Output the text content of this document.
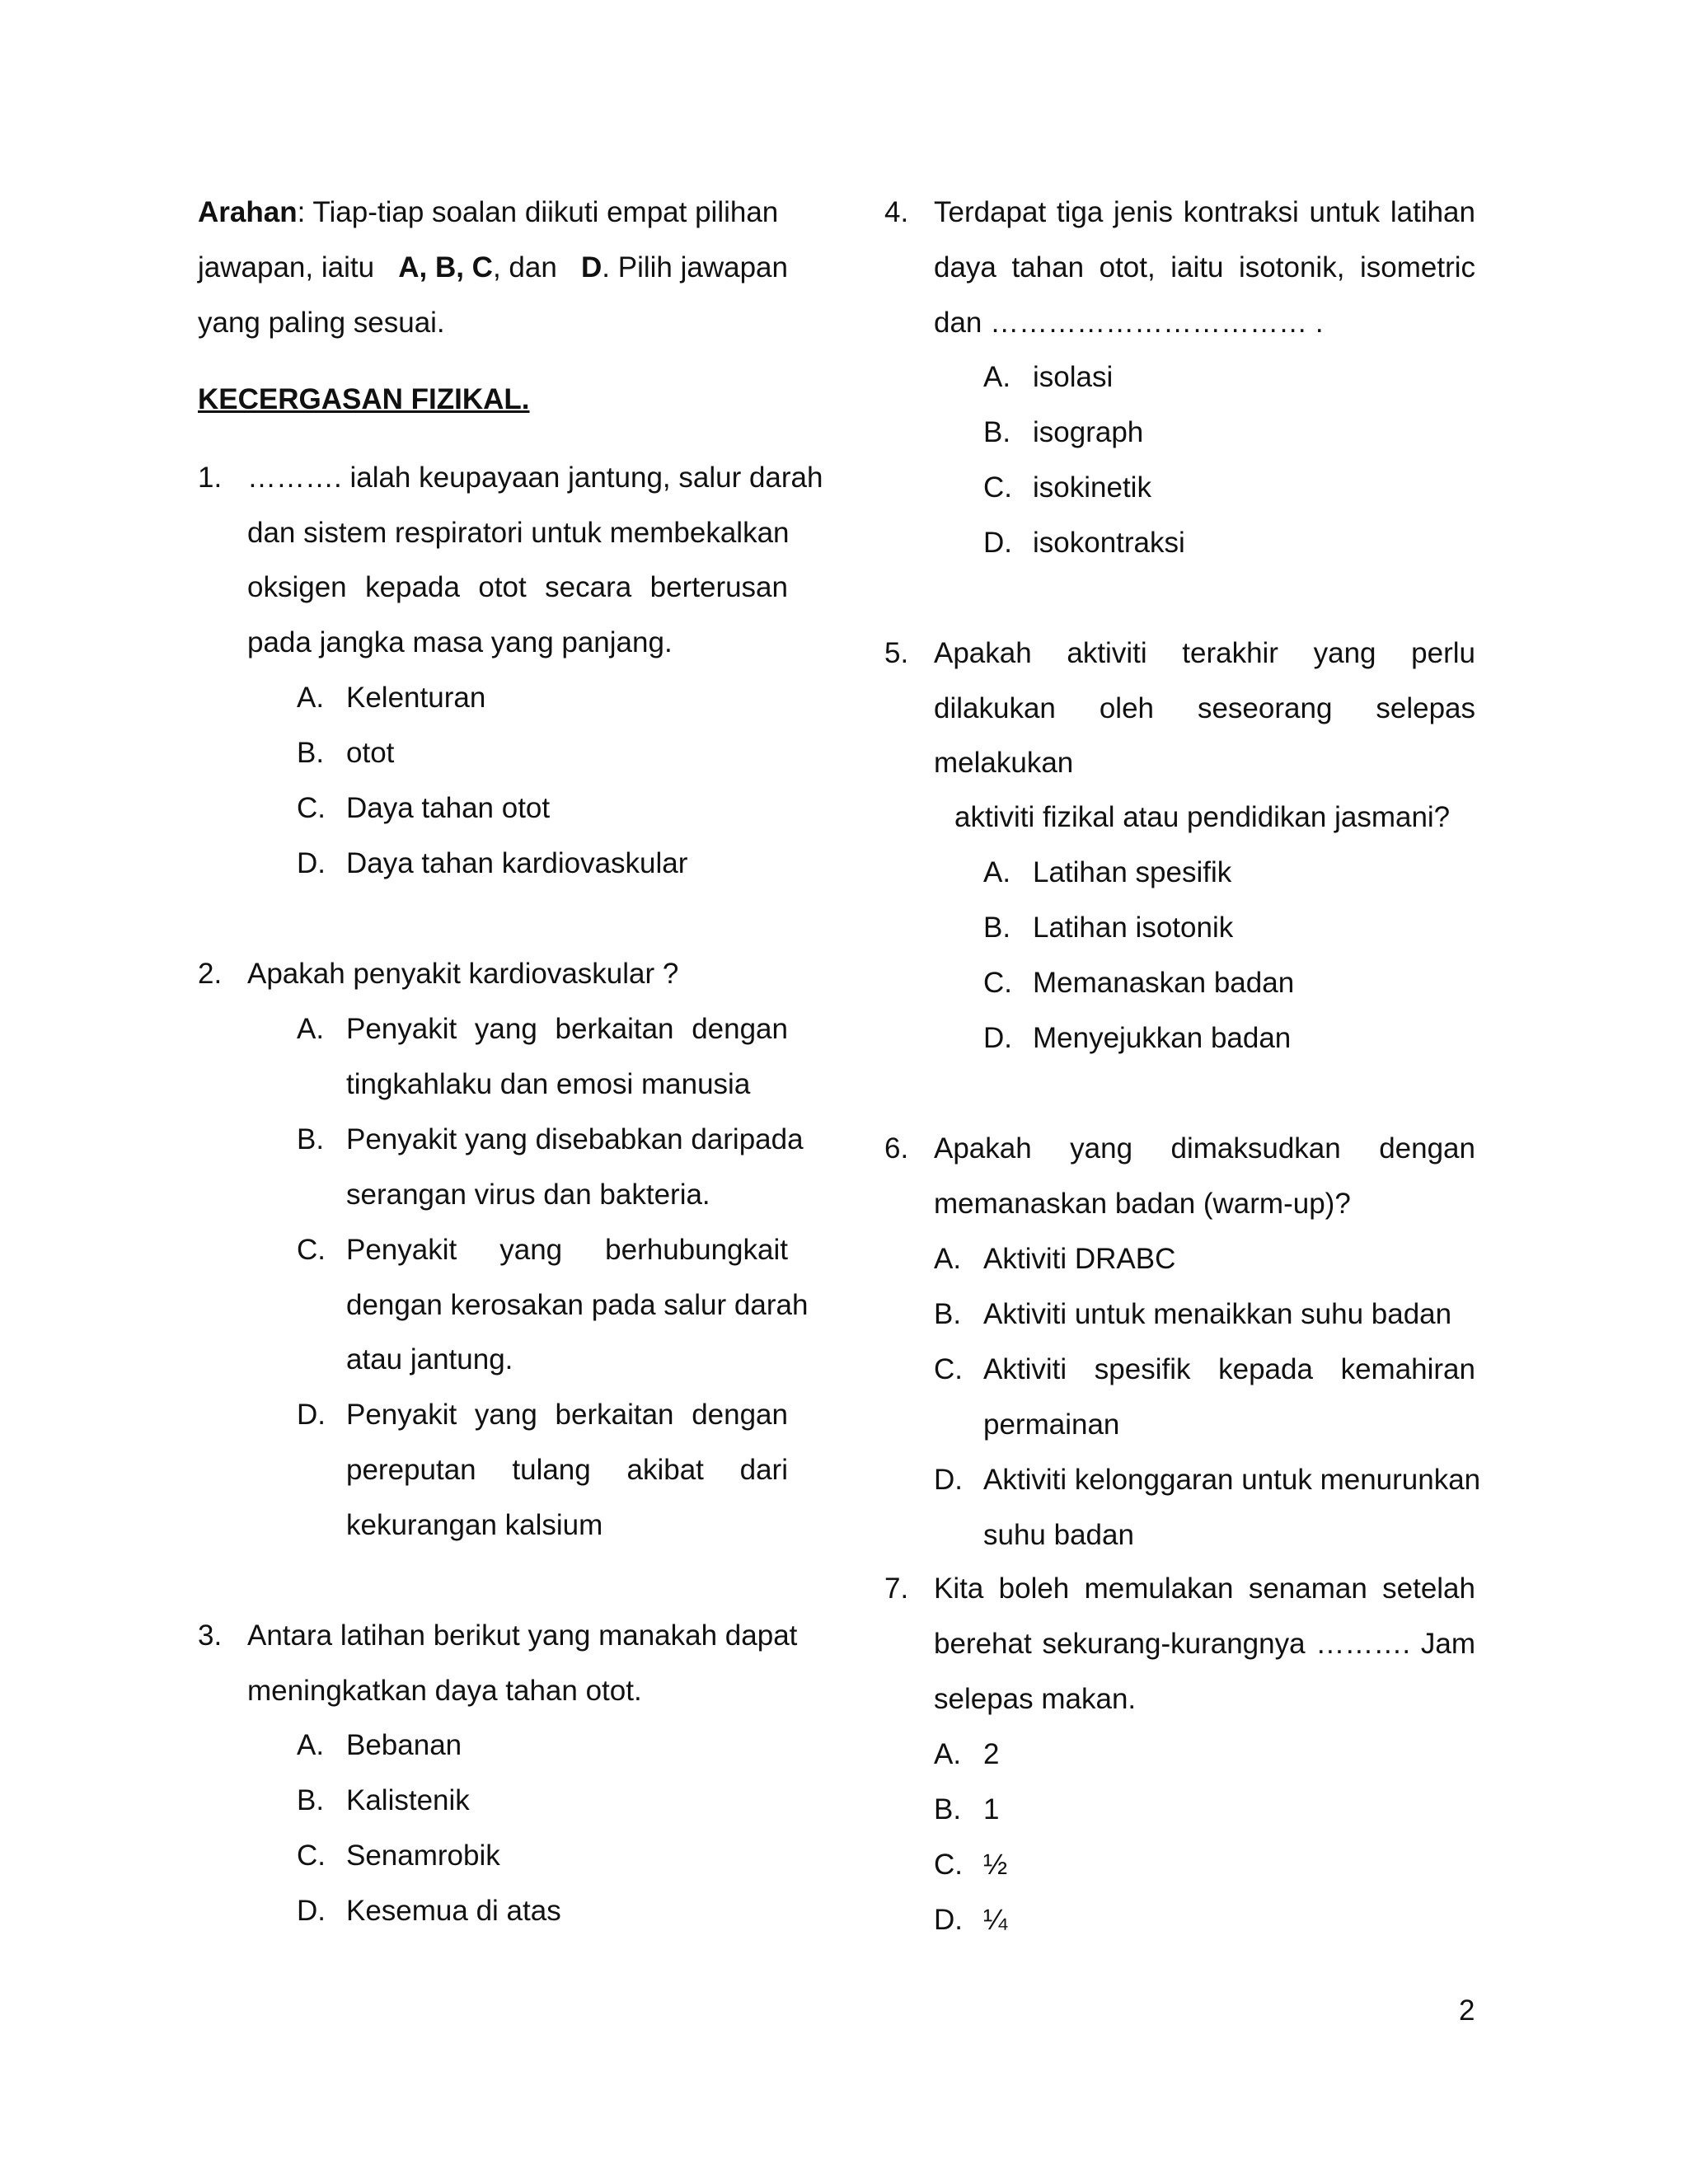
Arahan: Tiap-tiap soalan diikuti empat pilihan
jawapan, iaitu A, B, C, dan D. Pilih jawapan
yang paling sesuai.
KECERGASAN FIZIKAL.
1. ………. ialah keupayaan jantung, salur darah
dan sistem respiratori untuk membekalkan
oksigen kepada otot secara berterusan
pada jangka masa yang panjang.
A. Kelenturan
B. otot
C. Daya tahan otot
D. Daya tahan kardiovaskular
2. Apakah penyakit kardiovaskular ?
A. Penyakit yang berkaitan dengan
tingkahlaku dan emosi manusia
B. Penyakit yang disebabkan daripada
serangan virus dan bakteria.
C. Penyakit yang berhubungkait
dengan kerosakan pada salur darah
atau jantung.
D. Penyakit yang berkaitan dengan
pereputan tulang akibat dari
kekurangan kalsium
3. Antara latihan berikut yang manakah dapat
meningkatkan daya tahan otot.
A. Bebanan
B. Kalistenik
C. Senamrobik
D. Kesemua di atas
4. Terdapat tiga jenis kontraksi untuk latihan
daya tahan otot, iaitu isotonik, isometric
dan …………………………… .
A. isolasi
B. isograph
C. isokinetik
D. isokontraksi
5. Apakah aktiviti terakhir yang perlu
dilakukan oleh seseorang selepas
melakukan
aktiviti fizikal atau pendidikan jasmani?
A. Latihan spesifik
B. Latihan isotonik
C. Memanaskan badan
D. Menyejukkan badan
6. Apakah yang dimaksudkan dengan
memanaskan badan (warm-up)?
A. Aktiviti DRABC
B. Aktiviti untuk menaikkan suhu badan
C. Aktiviti spesifik kepada kemahiran
permainan
D. Aktiviti kelonggaran untuk menurunkan
suhu badan
7. Kita boleh memulakan senaman setelah
berehat sekurang-kurangnya ………. Jam
selepas makan.
A. 2
B. 1
C. ½
D. ¼
2
